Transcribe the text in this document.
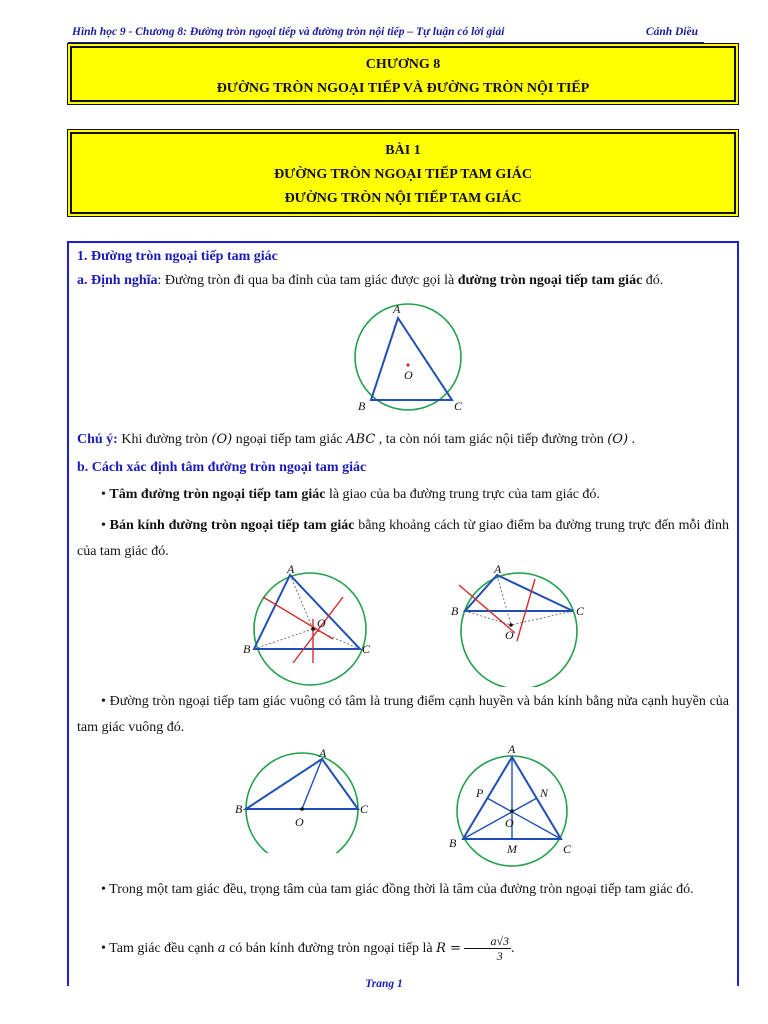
Hình học 9 - Chương 8: Đường tròn ngoại tiếp và đường tròn nội tiếp – Tự luận có lời giải	Cánh Diều
CHƯƠNG 8
ĐƯỜNG TRÒN NGOẠI TIẾP VÀ ĐƯỜNG TRÒN NỘI TIẾP
BÀI 1
ĐƯỜNG TRÒN NGOẠI TIẾP TAM GIÁC
ĐƯỜNG TRÒN NỘI TIẾP TAM GIÁC
1. Đường tròn ngoại tiếp tam giác
a. Định nghĩa: Đường tròn đi qua ba đỉnh của tam giác được gọi là đường tròn ngoại tiếp tam giác đó.
A
B	C
O
Chú ý: Khi đường tròn (O) ngoại tiếp tam giác ABC , ta còn nói tam giác nội tiếp đường tròn (O) .
b. Cách xác định tâm đường tròn ngoại tam giác
• Tâm đường tròn ngoại tiếp tam giác là giao của ba đường trung trực của tam giác đó.
• Bán kính đường tròn ngoại tiếp tam giác bằng khoảng cách từ giao điểm ba đường trung trực đến mỗi đỉnh của tam giác đó.
A
B	C
O
A
B	C
O
• Đường tròn ngoại tiếp tam giác vuông có tâm là trung điểm cạnh huyền và bán kính bằng nửa cạnh huyền của tam giác vuông đó.
A
B	C
O
A
B	C
O
M
N
P
• Trong một tam giác đều, trọng tâm của tam giác đồng thời là tâm của đường tròn ngoại tiếp tam giác đó.
• Tam giác đều cạnh a có bán kính đường tròn ngoại tiếp là $R = \frac{a√3}{3}$ .
Trang 1
